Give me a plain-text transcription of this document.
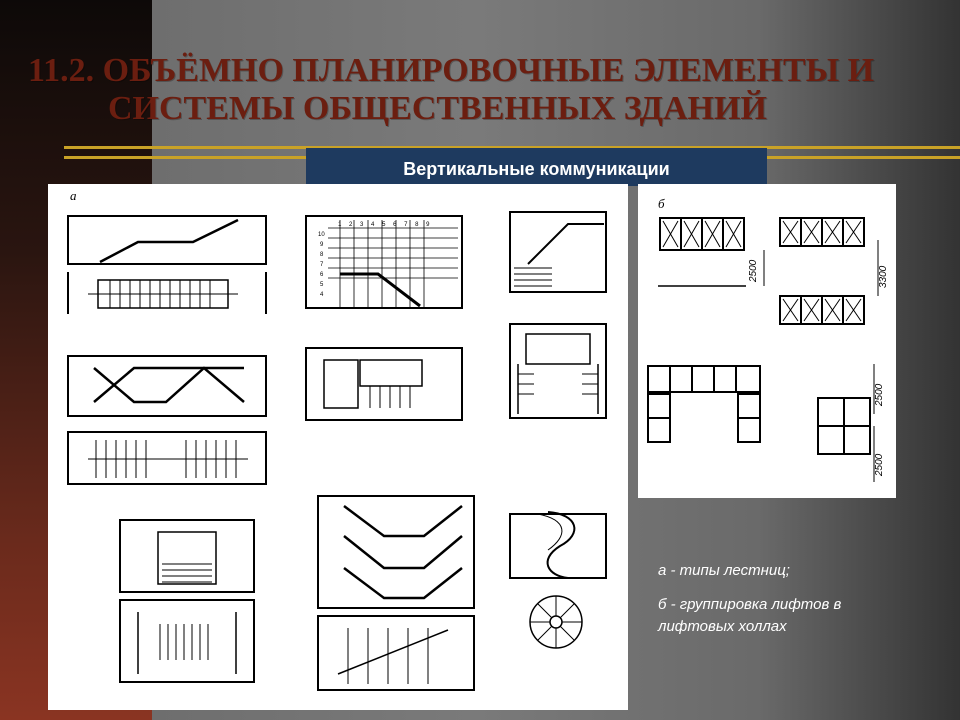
11.2. ОБЪЁМНО ПЛАНИРОВОЧНЫЕ ЭЛЕМЕНТЫ И
СИСТЕМЫ ОБЩЕСТВЕННЫХ ЗДАНИЙ
Вертикальные коммуникации
а
1 2 3 4 5 6 7 8 9
10
9
8
7
6
5
4
б
2500	3300
2500
2500
а - типы лестниц;
б - группировка лифтов в лифтовых холлах
